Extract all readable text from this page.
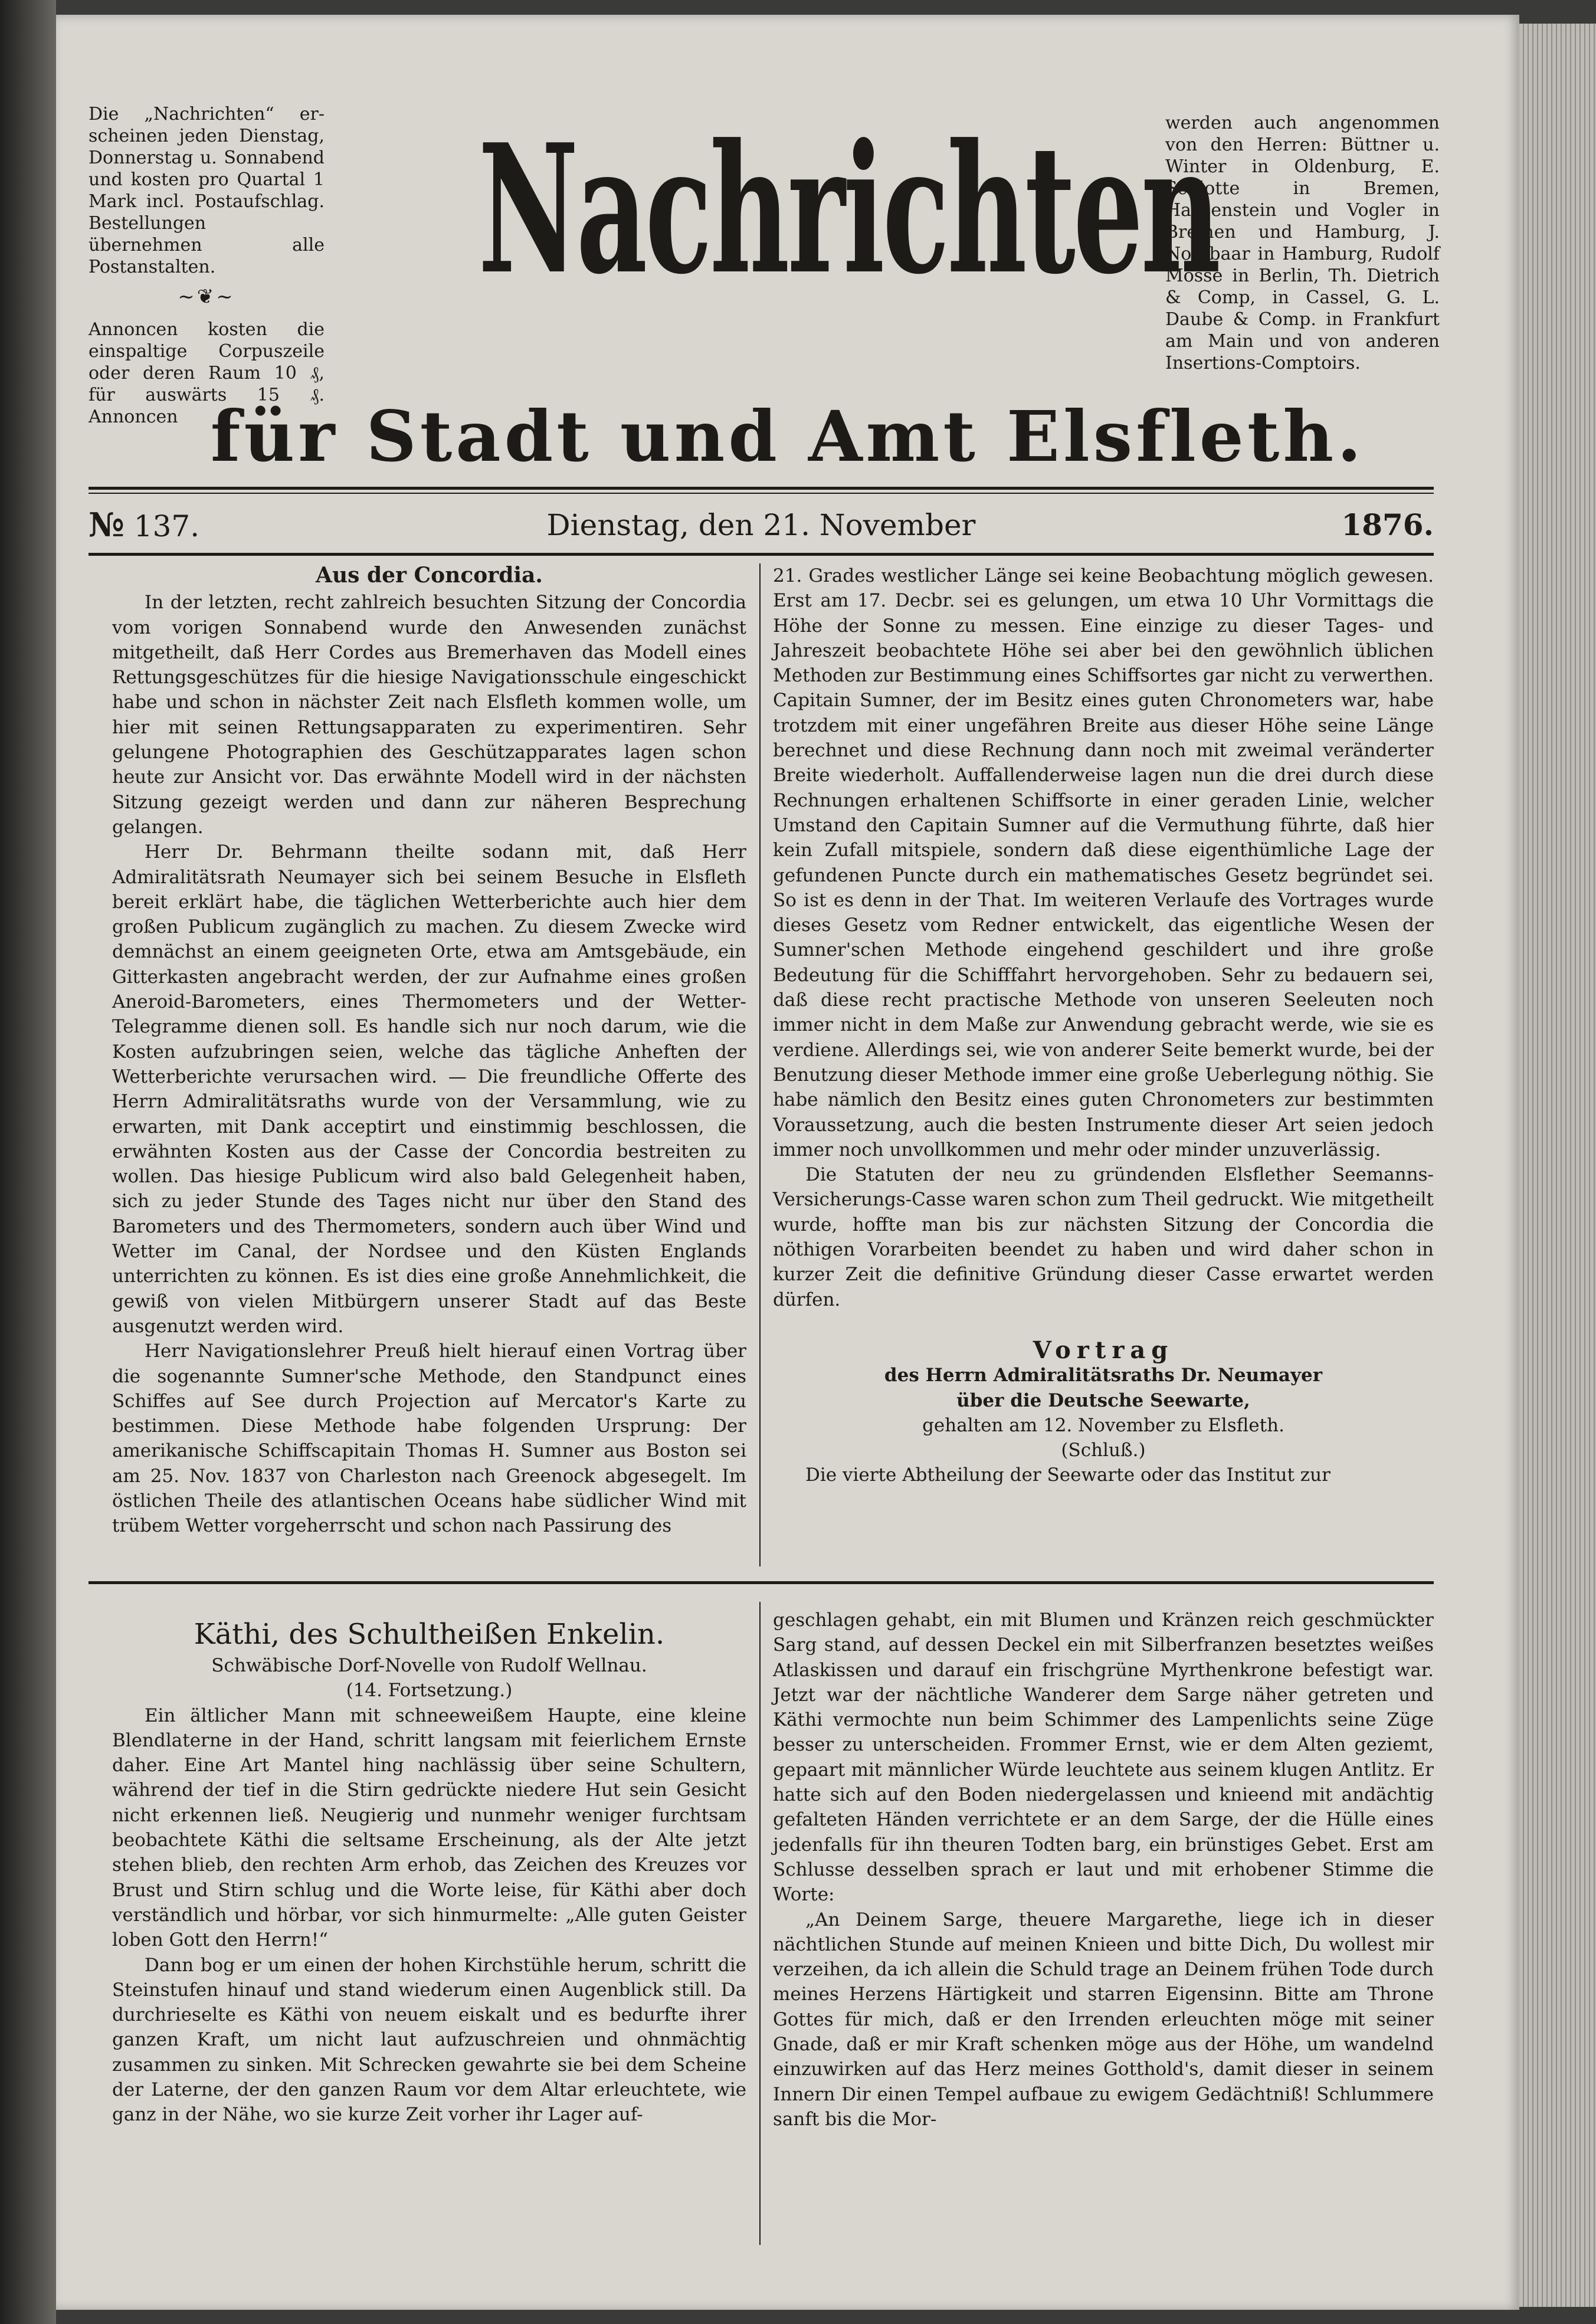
Die „Nachrichten“ er- scheinen jeden Dienstag, Donnerstag u. Sonnabend und kosten pro Quartal 1 Mark incl. Postaufschlag. Bestellungen übernehmen alle Postanstalten.
~❦~
Annoncen kosten die einspaltige Corpuszeile oder deren Raum 10 ₰, für auswärts 15 ₰. Annoncen
Nachrichten
werden auch angenommen von den Herren: Büttner u. Winter in Oldenburg, E. Schlotte in Bremen, Haasenstein und Vogler in Bremen und Hamburg, J. Nootbaar in Hamburg, Rudolf Mosse in Berlin, Th. Dietrich & Comp, in Cassel, G. L. Daube & Comp. in Frankfurt am Main und von anderen Insertions-Comptoirs.
für Stadt und Amt Elsfleth.
№ 137.	Dienstag, den 21. November	1876.

Aus der Concordia.

In der letzten, recht zahlreich besuchten Sitzung der Concordia vom vorigen Sonnabend wurde den Anwesenden zunächst mitgetheilt, daß Herr Cordes aus Bremerhaven das Modell eines Rettungsgeschützes für die hiesige Navigationsschule eingeschickt habe und schon in nächster Zeit nach Elsfleth kommen wolle, um hier mit seinen Rettungsapparaten zu experimentiren. Sehr gelungene Photographien des Geschützapparates lagen schon heute zur Ansicht vor. Das erwähnte Modell wird in der nächsten Sitzung gezeigt werden und dann zur näheren Besprechung gelangen.

Herr Dr. Behrmann theilte sodann mit, daß Herr Admiralitätsrath Neumayer sich bei seinem Besuche in Elsfleth bereit erklärt habe, die täglichen Wetterberichte auch hier dem großen Publicum zugänglich zu machen. Zu diesem Zwecke wird demnächst an einem geeigneten Orte, etwa am Amtsgebäude, ein Gitterkasten angebracht werden, der zur Aufnahme eines großen Aneroid-Barometers, eines Thermometers und der Wetter-Telegramme dienen soll. Es handle sich nur noch darum, wie die Kosten aufzubringen seien, welche das tägliche Anheften der Wetterberichte verursachen wird. — Die freundliche Offerte des Herrn Admiralitätsraths wurde von der Versammlung, wie zu erwarten, mit Dank acceptirt und einstimmig beschlossen, die erwähnten Kosten aus der Casse der Concordia bestreiten zu wollen. Das hiesige Publicum wird also bald Gelegenheit haben, sich zu jeder Stunde des Tages nicht nur über den Stand des Barometers und des Thermometers, sondern auch über Wind und Wetter im Canal, der Nordsee und den Küsten Englands unterrichten zu können. Es ist dies eine große Annehmlichkeit, die gewiß von vielen Mitbürgern unserer Stadt auf das Beste ausgenutzt werden wird.

Herr Navigationslehrer Preuß hielt hierauf einen Vortrag über die sogenannte Sumner'sche Methode, den Standpunct eines Schiffes auf See durch Projection auf Mercator's Karte zu bestimmen. Diese Methode habe folgenden Ursprung: Der amerikanische Schiffscapitain Thomas H. Sumner aus Boston sei am 25. Nov. 1837 von Charleston nach Greenock abgesegelt. Im östlichen Theile des atlantischen Oceans habe südlicher Wind mit trübem Wetter vorgeherrscht und schon nach Passirung des

21. Grades westlicher Länge sei keine Beobachtung möglich gewesen. Erst am 17. Decbr. sei es gelungen, um etwa 10 Uhr Vormittags die Höhe der Sonne zu messen. Eine einzige zu dieser Tages- und Jahreszeit beobachtete Höhe sei aber bei den gewöhnlich üblichen Methoden zur Bestimmung eines Schiffsortes gar nicht zu verwerthen. Capitain Sumner, der im Besitz eines guten Chronometers war, habe trotzdem mit einer ungefähren Breite aus dieser Höhe seine Länge berechnet und diese Rechnung dann noch mit zweimal veränderter Breite wiederholt. Auffallenderweise lagen nun die drei durch diese Rechnungen erhaltenen Schiffsorte in einer geraden Linie, welcher Umstand den Capitain Sumner auf die Vermuthung führte, daß hier kein Zufall mitspiele, sondern daß diese eigenthümliche Lage der gefundenen Puncte durch ein mathematisches Gesetz begründet sei. So ist es denn in der That. Im weiteren Verlaufe des Vortrages wurde dieses Gesetz vom Redner entwickelt, das eigentliche Wesen der Sumner'schen Methode eingehend geschildert und ihre große Bedeutung für die Schifffahrt hervorgehoben. Sehr zu bedauern sei, daß diese recht practische Methode von unseren Seeleuten noch immer nicht in dem Maße zur Anwendung gebracht werde, wie sie es verdiene. Allerdings sei, wie von anderer Seite bemerkt wurde, bei der Benutzung dieser Methode immer eine große Ueberlegung nöthig. Sie habe nämlich den Besitz eines guten Chronometers zur bestimmten Voraussetzung, auch die besten Instrumente dieser Art seien jedoch immer noch unvollkommen und mehr oder minder unzuverlässig.

Die Statuten der neu zu gründenden Elsflether Seemanns-Versicherungs-Casse waren schon zum Theil gedruckt. Wie mitgetheilt wurde, hoffte man bis zur nächsten Sitzung der Concordia die nöthigen Vorarbeiten beendet zu haben und wird daher schon in kurzer Zeit die definitive Gründung dieser Casse erwartet werden dürfen.

Vortrag

des Herrn Admiralitätsraths Dr. Neumayer

über die Deutsche Seewarte,

gehalten am 12. November zu Elsfleth.

(Schluß.)

Die vierte Abtheilung der Seewarte oder das Institut zur

Käthi, des Schultheißen Enkelin.

Schwäbische Dorf-Novelle von Rudolf Wellnau.

(14. Fortsetzung.)

Ein ältlicher Mann mit schneeweißem Haupte, eine kleine Blendlaterne in der Hand, schritt langsam mit feierlichem Ernste daher. Eine Art Mantel hing nachlässig über seine Schultern, während der tief in die Stirn gedrückte niedere Hut sein Gesicht nicht erkennen ließ. Neugierig und nunmehr weniger furchtsam beobachtete Käthi die seltsame Erscheinung, als der Alte jetzt stehen blieb, den rechten Arm erhob, das Zeichen des Kreuzes vor Brust und Stirn schlug und die Worte leise, für Käthi aber doch verständlich und hörbar, vor sich hinmurmelte: „Alle guten Geister loben Gott den Herrn!“

Dann bog er um einen der hohen Kirchstühle herum, schritt die Steinstufen hinauf und stand wiederum einen Augenblick still. Da durchrieselte es Käthi von neuem eiskalt und es bedurfte ihrer ganzen Kraft, um nicht laut aufzuschreien und ohnmächtig zusammen zu sinken. Mit Schrecken gewahrte sie bei dem Scheine der Laterne, der den ganzen Raum vor dem Altar erleuchtete, wie ganz in der Nähe, wo sie kurze Zeit vorher ihr Lager auf-

geschlagen gehabt, ein mit Blumen und Kränzen reich geschmückter Sarg stand, auf dessen Deckel ein mit Silberfranzen besetztes weißes Atlaskissen und darauf ein frischgrüne Myrthenkrone befestigt war. Jetzt war der nächtliche Wanderer dem Sarge näher getreten und Käthi vermochte nun beim Schimmer des Lampenlichts seine Züge besser zu unterscheiden. Frommer Ernst, wie er dem Alten geziemt, gepaart mit männlicher Würde leuchtete aus seinem klugen Antlitz. Er hatte sich auf den Boden niedergelassen und knieend mit andächtig gefalteten Händen verrichtete er an dem Sarge, der die Hülle eines jedenfalls für ihn theuren Todten barg, ein brünstiges Gebet. Erst am Schlusse desselben sprach er laut und mit erhobener Stimme die Worte:

„An Deinem Sarge, theuere Margarethe, liege ich in dieser nächtlichen Stunde auf meinen Knieen und bitte Dich, Du wollest mir verzeihen, da ich allein die Schuld trage an Deinem frühen Tode durch meines Herzens Härtigkeit und starren Eigensinn. Bitte am Throne Gottes für mich, daß er den Irrenden erleuchten möge mit seiner Gnade, daß er mir Kraft schenken möge aus der Höhe, um wandelnd einzuwirken auf das Herz meines Gotthold's, damit dieser in seinem Innern Dir einen Tempel aufbaue zu ewigem Gedächtniß! Schlummere sanft bis die Mor-
